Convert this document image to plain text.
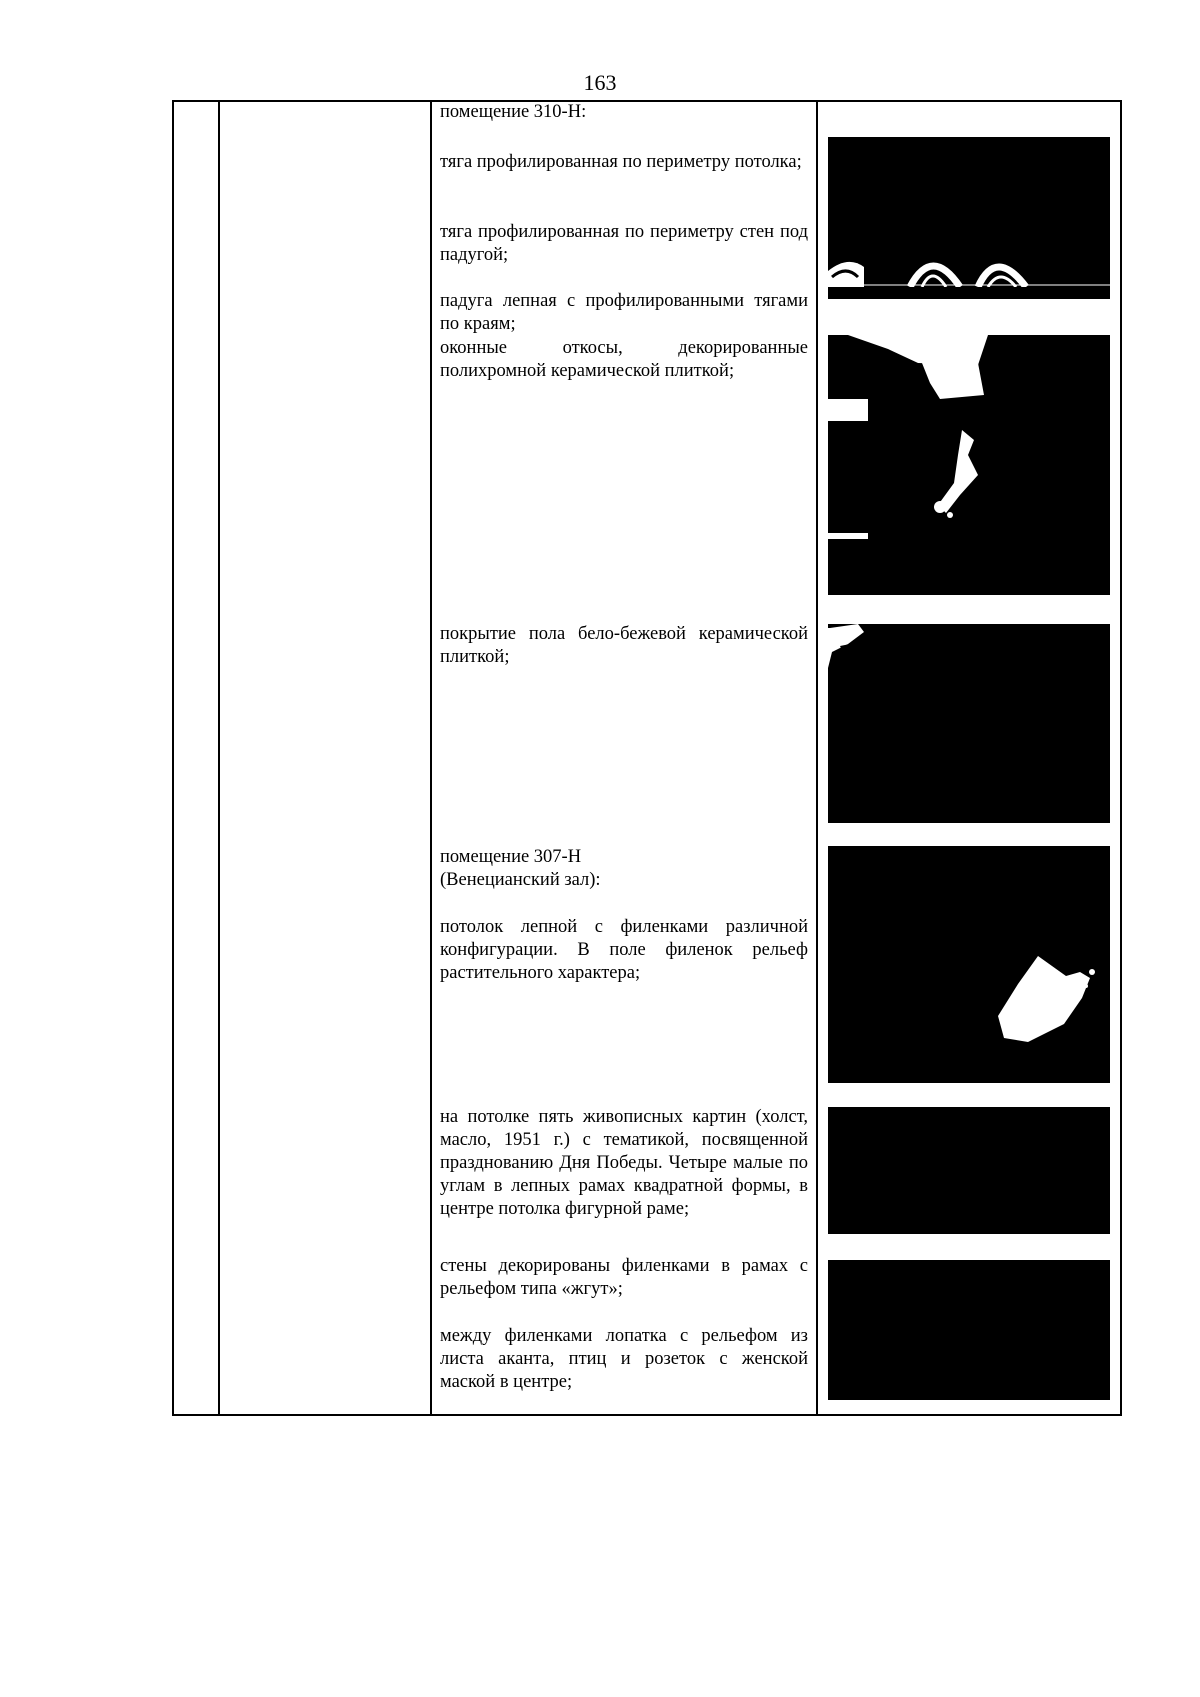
163

помещение 310-Н:

тяга профилированная по периметру потолка;

тяга профилированная по периметру стен под падугой;

падуга лепная с профилированными тягами по краям;

оконные откосы, декорированные полихромной керамической плиткой;

покрытие пола бело-бежевой керамической плиткой;

помещение 307-Н

(Венецианский зал):

потолок лепной с филенками различной конфигурации. В поле филенок рельеф растительного характера;

на потолке пять живописных картин (холст, масло, 1951 г.) с тематикой, посвященной празднованию Дня Победы. Четыре малые по углам в лепных рамах квадратной формы, в центре потолка фигурной раме;

стены декорированы филенками в рамах с рельефом типа «жгут»;

между филенками лопатка с рельефом из листа аканта, птиц и розеток с женской маской в центре;
